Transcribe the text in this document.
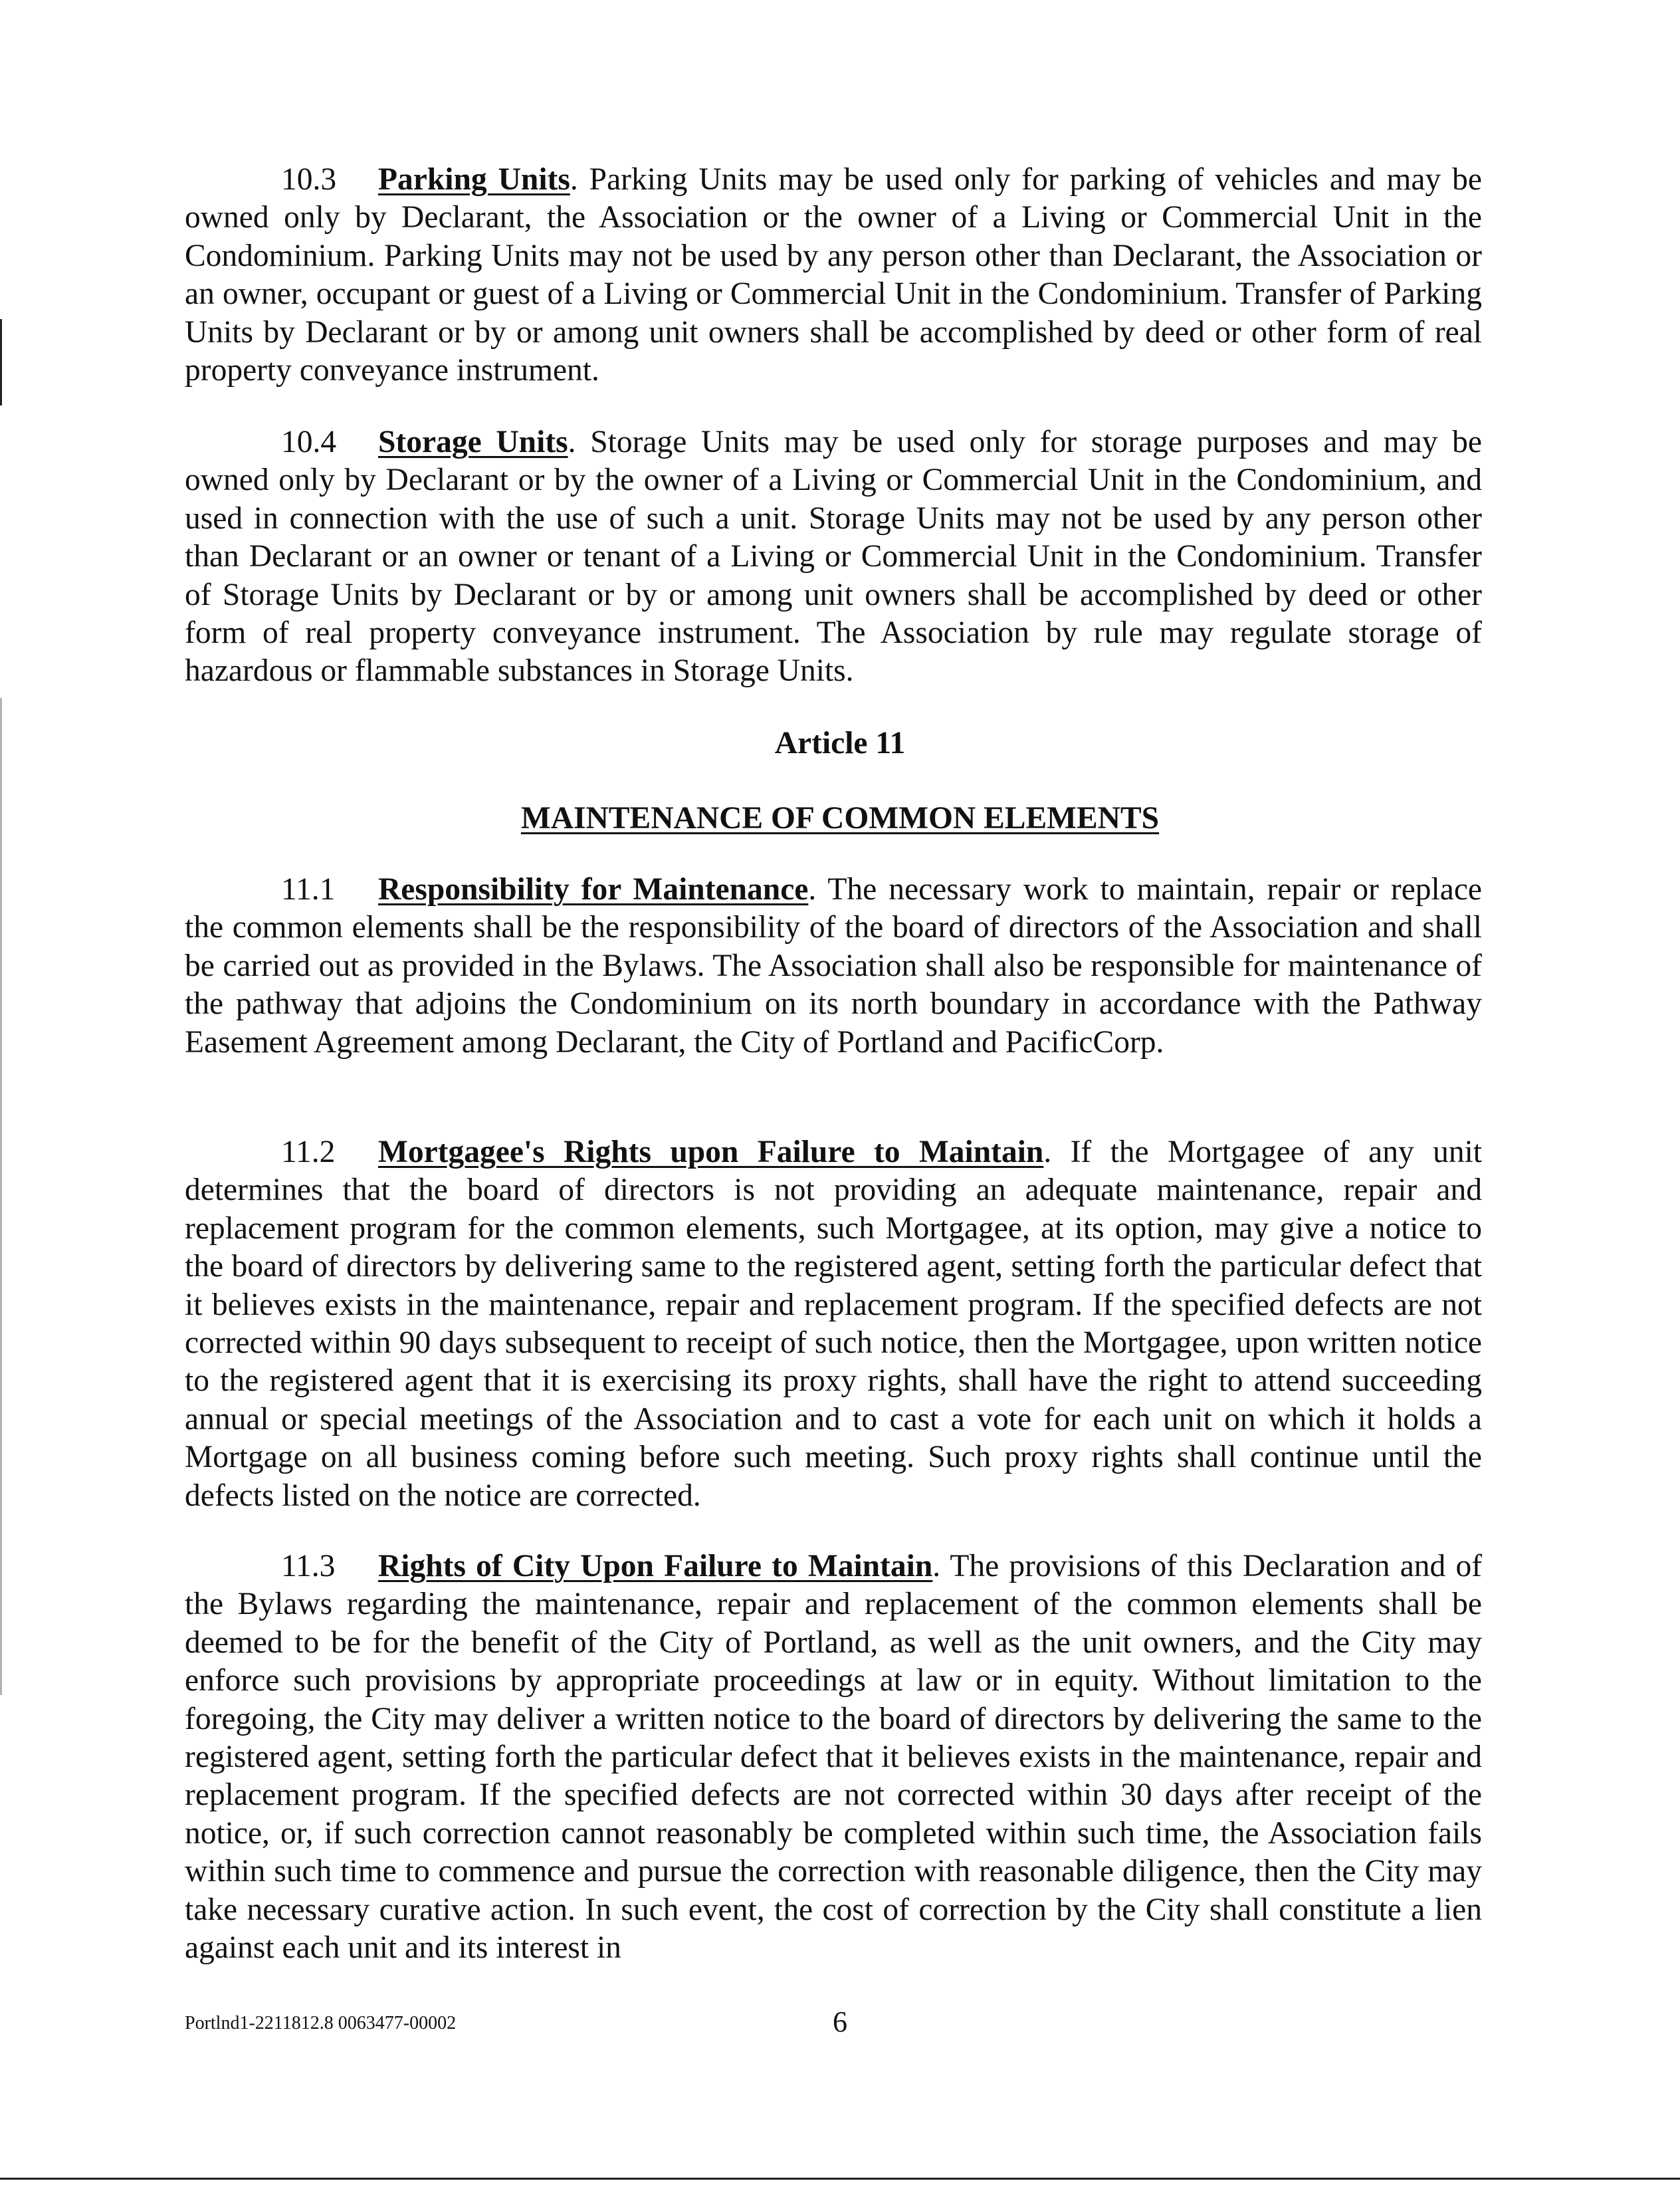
10.3 Parking Units. Parking Units may be used only for parking of vehicles and may be owned only by Declarant, the Association or the owner of a Living or Commercial Unit in the Condominium. Parking Units may not be used by any person other than Declarant, the Association or an owner, occupant or guest of a Living or Commercial Unit in the Condominium. Transfer of Parking Units by Declarant or by or among unit owners shall be accomplished by deed or other form of real property conveyance instrument.

10.4 Storage Units. Storage Units may be used only for storage purposes and may be owned only by Declarant or by the owner of a Living or Commercial Unit in the Condominium, and used in connection with the use of such a unit. Storage Units may not be used by any person other than Declarant or an owner or tenant of a Living or Commercial Unit in the Condominium. Transfer of Storage Units by Declarant or by or among unit owners shall be accomplished by deed or other form of real property conveyance instrument. The Association by rule may regulate storage of hazardous or flammable substances in Storage Units.

Article 11
MAINTENANCE OF COMMON ELEMENTS

11.1 Responsibility for Maintenance. The necessary work to maintain, repair or replace the common elements shall be the responsibility of the board of directors of the Association and shall be carried out as provided in the Bylaws. The Association shall also be responsible for maintenance of the pathway that adjoins the Condominium on its north boundary in accordance with the Pathway Easement Agreement among Declarant, the City of Portland and PacificCorp.

11.2 Mortgagee's Rights upon Failure to Maintain. If the Mortgagee of any unit determines that the board of directors is not providing an adequate maintenance, repair and replacement program for the common elements, such Mortgagee, at its option, may give a notice to the board of directors by delivering same to the registered agent, setting forth the particular defect that it believes exists in the maintenance, repair and replacement program. If the specified defects are not corrected within 90 days subsequent to receipt of such notice, then the Mortgagee, upon written notice to the registered agent that it is exercising its proxy rights, shall have the right to attend succeeding annual or special meetings of the Association and to cast a vote for each unit on which it holds a Mortgage on all business coming before such meeting. Such proxy rights shall continue until the defects listed on the notice are corrected.

11.3 Rights of City Upon Failure to Maintain. The provisions of this Declaration and of the Bylaws regarding the maintenance, repair and replacement of the common elements shall be deemed to be for the benefit of the City of Portland, as well as the unit owners, and the City may enforce such provisions by appropriate proceedings at law or in equity. Without limitation to the foregoing, the City may deliver a written notice to the board of directors by delivering the same to the registered agent, setting forth the particular defect that it believes exists in the maintenance, repair and replacement program. If the specified defects are not corrected within 30 days after receipt of the notice, or, if such correction cannot reasonably be completed within such time, the Association fails within such time to commence and pursue the correction with reasonable diligence, then the City may take necessary curative action. In such event, the cost of correction by the City shall constitute a lien against each unit and its interest in

Portlnd1-2211812.8 0063477-00002	6
